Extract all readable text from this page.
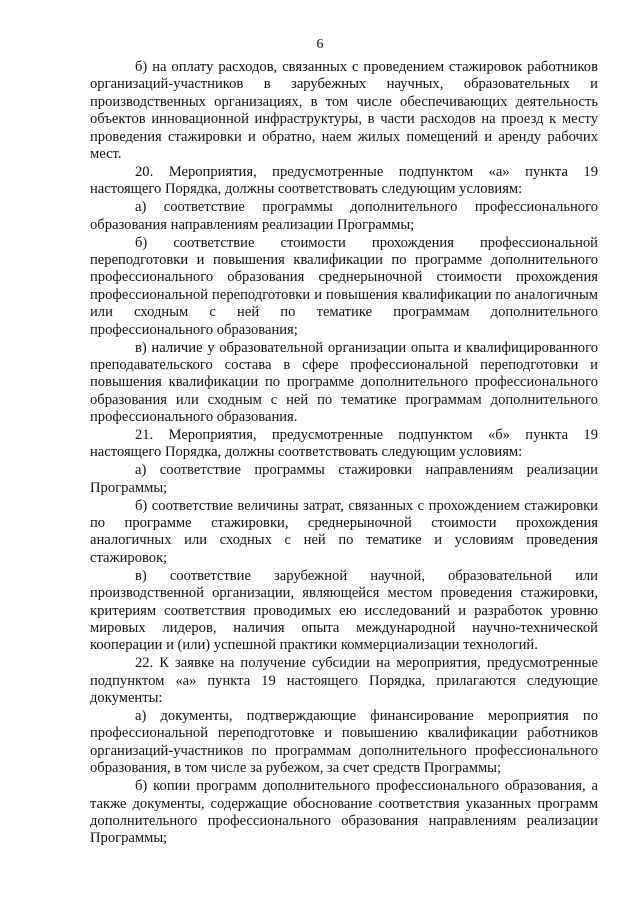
6

б) на оплату расходов, связанных с проведением стажировок работников организаций-участников в зарубежных научных, образовательных и производственных организациях, в том числе обеспечивающих деятельность объектов инновационной инфраструктуры, в части расходов на проезд к месту проведения стажировки и обратно, наем жилых помещений и аренду рабочих мест.

20. Мероприятия, предусмотренные подпунктом «а» пункта 19 настоящего Порядка, должны соответствовать следующим условиям:

а) соответствие программы дополнительного профессионального образования направлениям реализации Программы;

б) соответствие стоимости прохождения профессиональной переподготовки и повышения квалификации по программе дополнительного профессионального образования среднерыночной стоимости прохождения профессиональной переподготовки и повышения квалификации по аналогичным или сходным с ней по тематике программам дополнительного профессионального образования;

в) наличие у образовательной организации опыта и квалифицированного преподавательского состава в сфере профессиональной переподготовки и повышения квалификации по программе дополнительного профессионального образования или сходным с ней по тематике программам дополнительного профессионального образования.

21. Мероприятия, предусмотренные подпунктом «б» пункта 19 настоящего Порядка, должны соответствовать следующим условиям:

а) соответствие программы стажировки направлениям реализации Программы;

б) соответствие величины затрат, связанных с прохождением стажировки по программе стажировки, среднерыночной стоимости прохождения аналогичных или сходных с ней по тематике и условиям проведения стажировок;

в) соответствие зарубежной научной, образовательной или производственной организации, являющейся местом проведения стажировки, критериям соответствия проводимых ею исследований и разработок уровню мировых лидеров, наличия опыта международной научно-технической кооперации и (или) успешной практики коммерциализации технологий.

22. К заявке на получение субсидии на мероприятия, предусмотренные подпунктом «а» пункта 19 настоящего Порядка, прилагаются следующие документы:

а) документы, подтверждающие финансирование мероприятия по профессиональной переподготовке и повышению квалификации работников организаций-участников по программам дополнительного профессионального образования, в том числе за рубежом, за счет средств Программы;

б) копии программ дополнительного профессионального образования, а также документы, содержащие обоснование соответствия указанных программ дополнительного профессионального образования направлениям реализации Программы;
